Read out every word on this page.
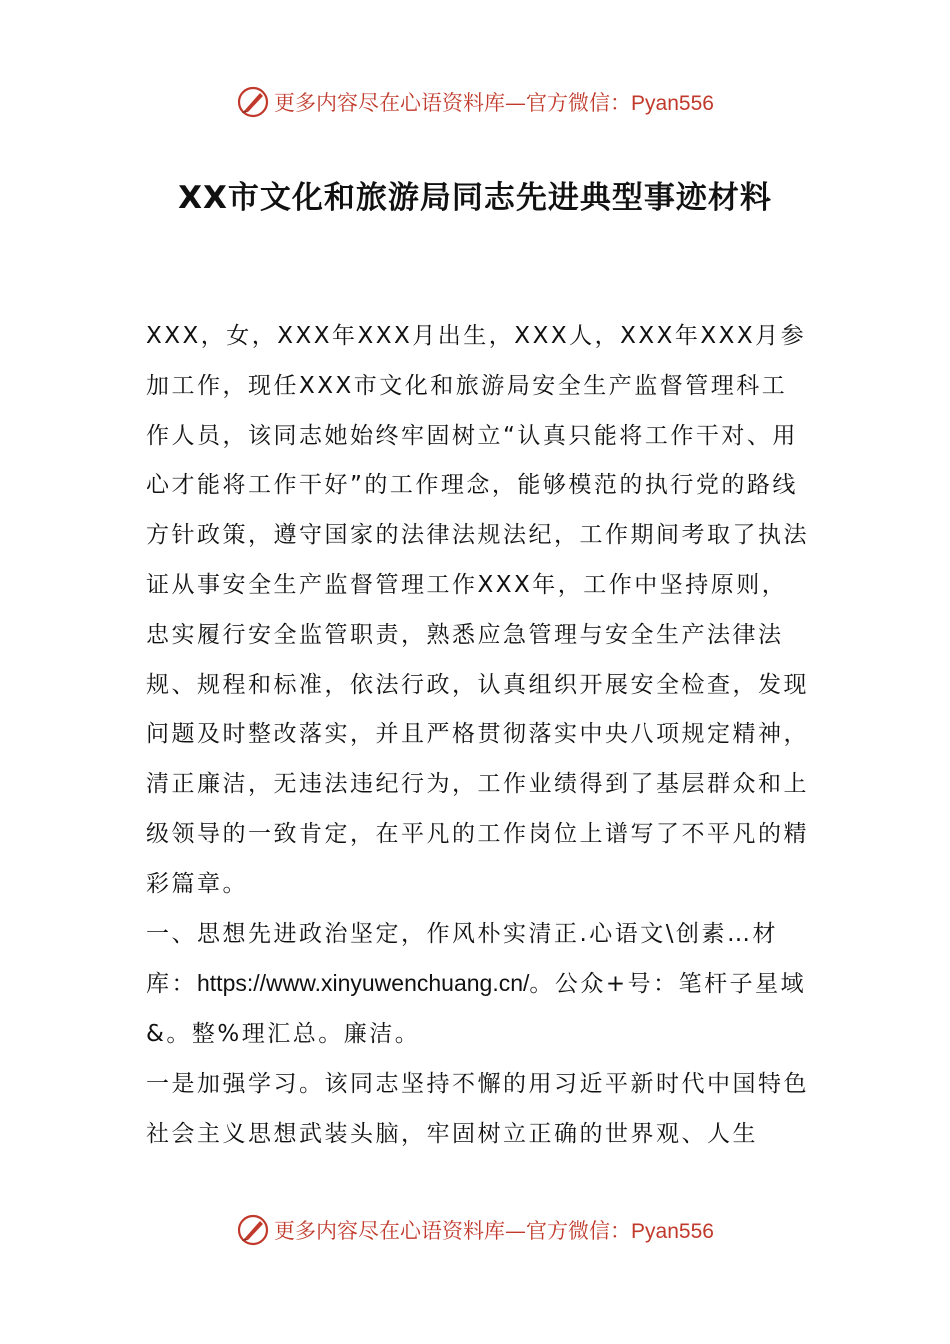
更多内容尽在心语资料库—官方微信：Pyan556
XX市文化和旅游局同志先进典型事迹材料

XXX，女，XXX年XXX月出生，XXX人，XXX年XXX月参加工作，现任XXX市文化和旅游局安全生产监督管理科工作人员，该同志她始终牢固树立“认真只能将工作干对、用心才能将工作干好”的工作理念，能够模范的执行党的路线方针政策，遵守国家的法律法规法纪，工作期间考取了执法证从事安全生产监督管理工作XXX年，工作中坚持原则，忠实履行安全监管职责，熟悉应急管理与安全生产法律法规、规程和标准，依法行政，认真组织开展安全检查，发现问题及时整改落实，并且严格贯彻落实中央八项规定精神，清正廉洁，无违法违纪行为，工作业绩得到了基层群众和上级领导的一致肯定，在平凡的工作岗位上谱写了不平凡的精彩篇章。

一、思想先进政治坚定，作风朴实清正.心语文\创素…材库：https://www.xinyuwenchuang.cn/。公众+号：笔杆子星域&。整%理汇总。廉洁。

一是加强学习。该同志坚持不懈的用习近平新时代中国特色社会主义思想武装头脑，牢固树立正确的世界观、人生

更多内容尽在心语资料库—官方微信：Pyan556
